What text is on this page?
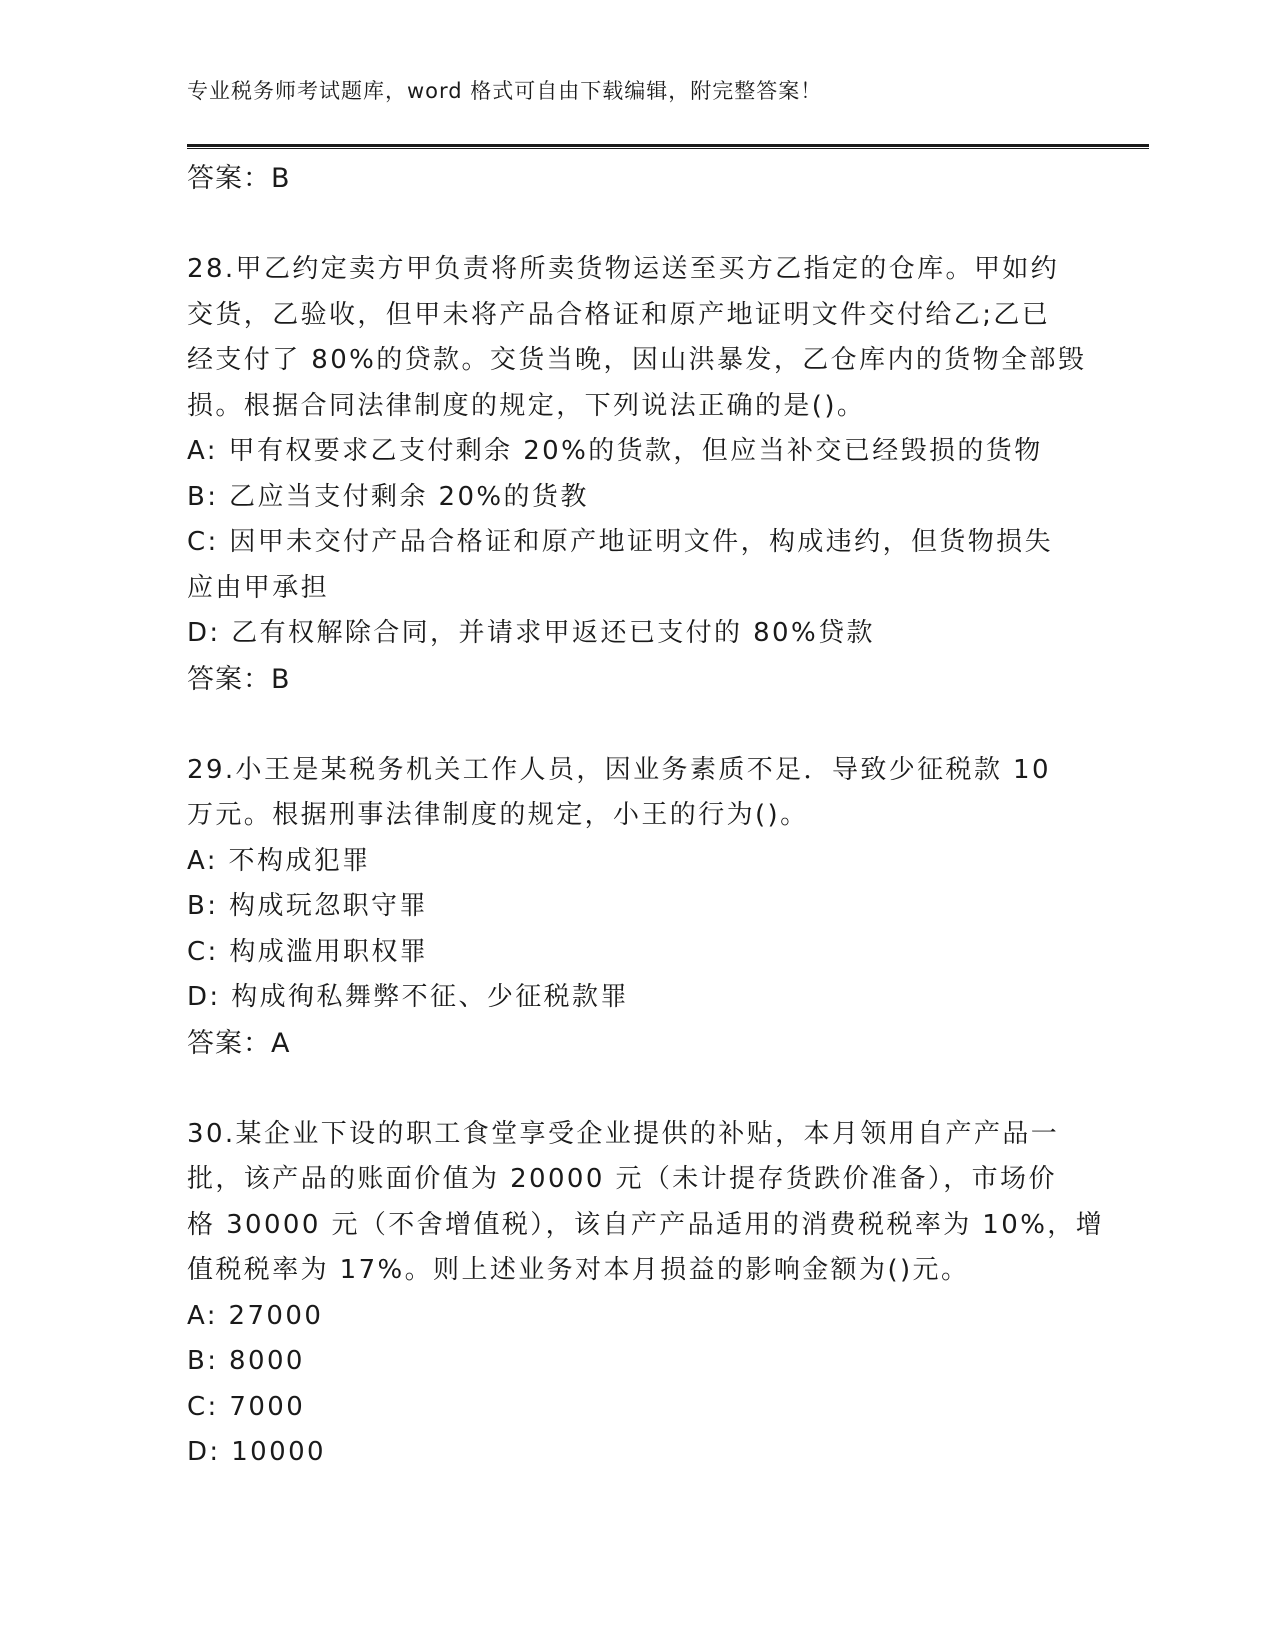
专业税务师考试题库，word 格式可自由下载编辑，附完整答案！
答案：B
28.甲乙约定卖方甲负责将所卖货物运送至买方乙指定的仓库。甲如约
交货，乙验收，但甲未将产品合格证和原产地证明文件交付给乙;乙已
经支付了 80%的贷款。交货当晚，因山洪暴发，乙仓库内的货物全部毁
损。根据合同法律制度的规定，下列说法正确的是()。
A: 甲有权要求乙支付剩余 20%的货款，但应当补交已经毁损的货物
B: 乙应当支付剩余 20%的货教
C: 因甲未交付产品合格证和原产地证明文件，构成违约，但货物损失
应由甲承担
D: 乙有权解除合同，并请求甲返还已支付的 80%贷款
答案：B
29.小王是某税务机关工作人员，因业务素质不足．导致少征税款 10
万元。根据刑事法律制度的规定，小王的行为()。
A: 不构成犯罪
B: 构成玩忽职守罪
C: 构成滥用职权罪
D: 构成徇私舞弊不征、少征税款罪
答案：A
30.某企业下设的职工食堂享受企业提供的补贴，本月领用自产产品一
批，该产品的账面价值为 20000 元（未计提存货跌价准备），市场价
格 30000 元（不舍增值税），该自产产品适用的消费税税率为 10%，增
值税税率为 17%。则上述业务对本月损益的影响金额为()元。
A: 27000
B: 8000
C: 7000
D: 10000
